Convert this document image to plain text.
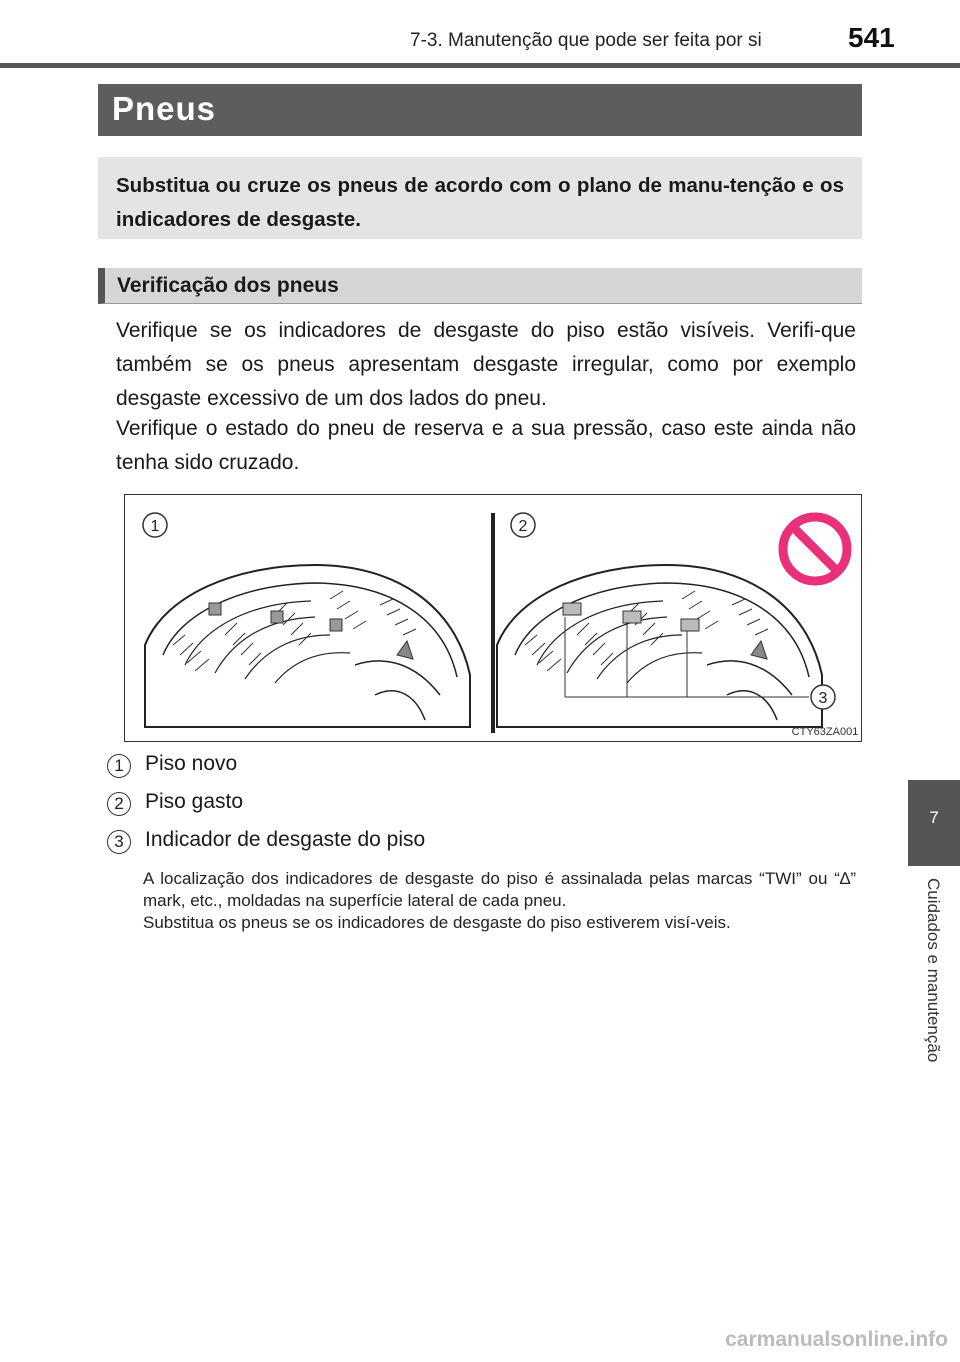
7-3. Manutenção que pode ser feita por si	541
Pneus
Substitua ou cruze os pneus de acordo com o plano de manu-tenção e os indicadores de desgaste.
Verificação dos pneus
Verifique se os indicadores de desgaste do piso estão visíveis. Verifi-que também se os pneus apresentam desgaste irregular, como por exemplo desgaste excessivo de um dos lados do pneu.
Verifique o estado do pneu de reserva e a sua pressão, caso este ainda não tenha sido cruzado.
1	2
3
CTY63ZA001
1	Piso novo
2	Piso gasto
3	Indicador de desgaste do piso

A localização dos indicadores de desgaste do piso é assinalada pelas marcas “TWI” ou “∆” mark, etc., moldadas na superfície lateral de cada pneu.

Substitua os pneus se os indicadores de desgaste do piso estiverem visí-veis.

7
Cuidados e manutenção
carmanualsonline.info
